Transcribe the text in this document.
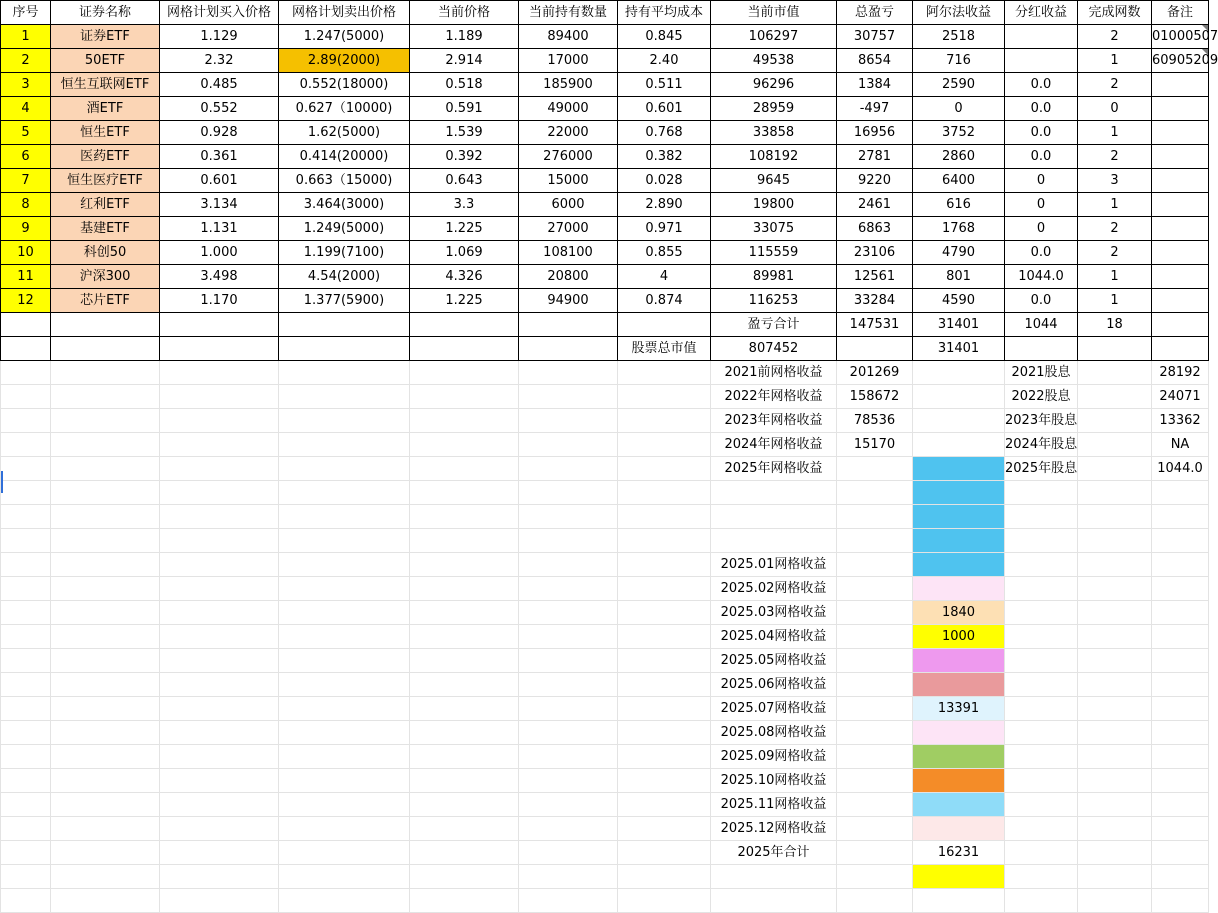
序号	证券名称	网格计划买入价格	网格计划卖出价格	当前价格	当前持有数量	持有平均成本	当前市值	总盈亏	阿尔法收益	分红收益	完成网数	备注
1	证券ETF	1.129	1.247(5000)	1.189	89400	0.845	106297	30757	2518		2	01000507

2	50ETF	2.32	2.89(2000)	2.914	17000	2.40	49538	8654	716		1	60905209

3	恒生互联网ETF	0.485	0.552(18000)	0.518	185900	0.511	96296	1384	2590	0.0	2	
4	酒ETF	0.552	0.627（10000)	0.591	49000	0.601	28959	-497	0	0.0	0	
5	恒生ETF	0.928	1.62(5000)	1.539	22000	0.768	33858	16956	3752	0.0	1	
6	医药ETF	0.361	0.414(20000)	0.392	276000	0.382	108192	2781	2860	0.0	2	
7	恒生医疗ETF	0.601	0.663（15000)	0.643	15000	0.028	9645	9220	6400	0	3	
8	红利ETF	3.134	3.464(3000)	3.3	6000	2.890	19800	2461	616	0	1	
9	基建ETF	1.131	1.249(5000)	1.225	27000	0.971	33075	6863	1768	0	2	
10	科创50	1.000	1.199(7100)	1.069	108100	0.855	115559	23106	4790	0.0	2	
11	沪深300	3.498	4.54(2000)	4.326	20800	4	89981	12561	801	1044.0	1	
12	芯片ETF	1.170	1.377(5900)	1.225	94900	0.874	116253	33284	4590	0.0	1	
							盈亏合计	147531	31401	1044	18	
						股票总市值	807452		31401			
							2021前网格收益	201269		2021股息		28192
							2022年网格收益	158672		2022股息		24071
							2023年网格收益	78536		2023年股息		13362
							2024年网格收益	15170		2024年股息		NA
							2025年网格收益			2025年股息		1044.0

							2025.01网格收益					
							2025.02网格收益					
							2025.03网格收益		1840			
							2025.04网格收益		1000			
							2025.05网格收益					
							2025.06网格收益					
							2025.07网格收益		13391			
							2025.08网格收益					
							2025.09网格收益					
							2025.10网格收益					
							2025.11网格收益					
							2025.12网格收益					
							2025年合计		16231			
